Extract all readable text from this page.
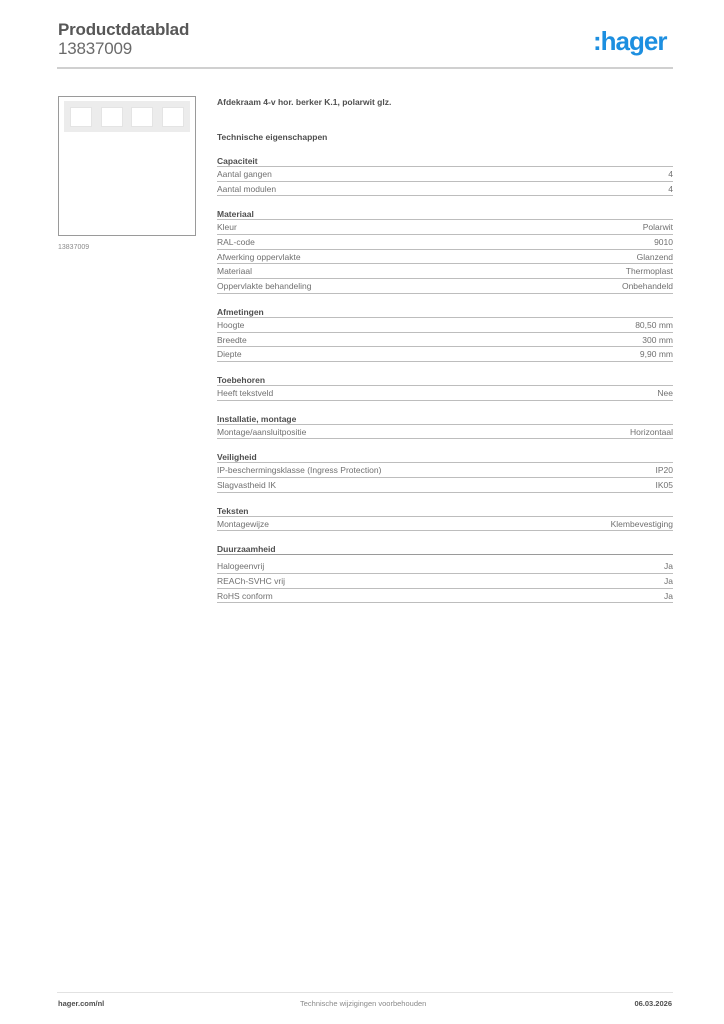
Productdatablad
13837009	:hager
13837009
Afdekraam 4-v hor. berker K.1, polarwit glz.
Technische eigenschappen
Capaciteit
Aantal gangen	4
Aantal modulen	4
Materiaal
Kleur	Polarwit
RAL-code	9010
Afwerking oppervlakte	Glanzend
Materiaal	Thermoplast
Oppervlakte behandeling	Onbehandeld
Afmetingen
Hoogte	80,50 mm
Breedte	300 mm
Diepte	9,90 mm
Toebehoren
Heeft tekstveld	Nee
Installatie, montage
Montage/aansluitpositie	Horizontaal
Veiligheid
IP-beschermingsklasse (Ingress Protection)	IP20
Slagvastheid IK	IK05
Teksten
Montagewijze	Klembevestiging
Duurzaamheid
Halogeenvrij	Ja
REACh-SVHC vrij	Ja
RoHS conform	Ja
hager.com/nl	Technische wijzigingen voorbehouden	06.03.2026
